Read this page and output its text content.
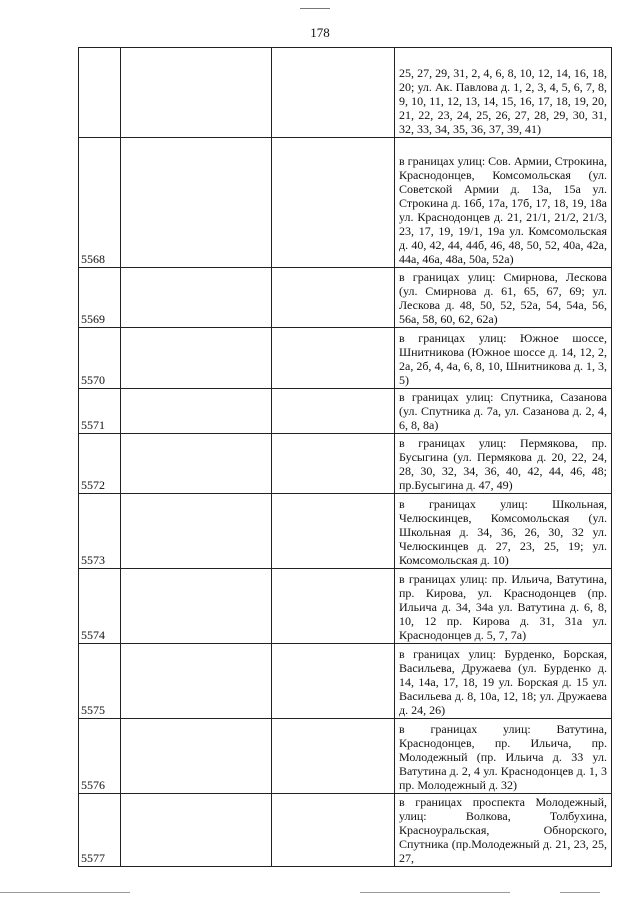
178

			25, 27, 29, 31, 2, 4, 6, 8, 10, 12, 14, 16, 18, 20; ул. Ак. Павлова д. 1, 2, 3, 4, 5, 6, 7, 8, 9, 10, 11, 12, 13, 14, 15, 16, 17, 18, 19, 20, 21, 22, 23, 24, 25, 26, 27, 28, 29, 30, 31, 32, 33, 34, 35, 36, 37, 39, 41)

5568			в границах улиц: Сов. Армии, Строкина, Краснодонцев, Комсомольская (ул. Советской Армии д. 13а, 15а ул. Строкина д. 16б, 17а, 17б, 17, 18, 19, 18а ул. Краснодонцев д. 21, 21/1, 21/2, 21/3, 23, 17, 19, 19/1, 19а ул. Комсомольская д. 40, 42, 44, 44б, 46, 48, 50, 52, 40а, 42а, 44а, 46а, 48а, 50а, 52а)

5569			в границах улиц: Смирнова, Лескова (ул. Смирнова д. 61, 65, 67, 69; ул. Лескова д. 48, 50, 52, 52а, 54, 54а, 56, 56а, 58, 60, 62, 62а)

5570			в границах улиц: Южное шоссе, Шнитникова (Южное шоссе д. 14, 12, 2, 2а, 2б, 4, 4а, 6, 8, 10, Шнитникова д. 1, 3, 5)

5571			в границах улиц: Спутника, Сазанова (ул. Спутника д. 7а, ул. Сазанова д. 2, 4, 6, 8, 8а)

5572			в границах улиц: Пермякова, пр. Бусыгина (ул. Пермякова д. 20, 22, 24, 28, 30, 32, 34, 36, 40, 42, 44, 46, 48; пр.Бусыгина д. 47, 49)

5573			в границах улиц: Школьная, Челюскинцев, Комсомольская (ул. Школьная д. 34, 36, 26, 30, 32 ул. Челюскинцев д. 27, 23, 25, 19; ул. Комсомольская д. 10)

5574			в границах улиц: пр. Ильича, Ватутина, пр. Кирова, ул. Краснодонцев (пр. Ильича д. 34, 34а ул. Ватутина д. 6, 8, 10, 12 пр. Кирова д. 31, 31а ул. Краснодонцев д. 5, 7, 7а)

5575			в границах улиц: Бурденко, Борская, Васильева, Дружаева (ул. Бурденко д. 14, 14а, 17, 18, 19 ул. Борская д. 15 ул. Васильева д. 8, 10а, 12, 18; ул. Дружаева д. 24, 26)

5576			в границах улиц: Ватутина, Краснодонцев, пр. Ильича, пр. Молодежный (пр. Ильича д. 33 ул. Ватутина д. 2, 4 ул. Краснодонцев д. 1, 3 пр. Молодежный д. 32)

5577			в границах проспекта Молодежный, улиц: Волкова, Толбухина, Красноуральская, Обнорского, Спутника (пр.Молодежный д. 21, 23, 25, 27,
